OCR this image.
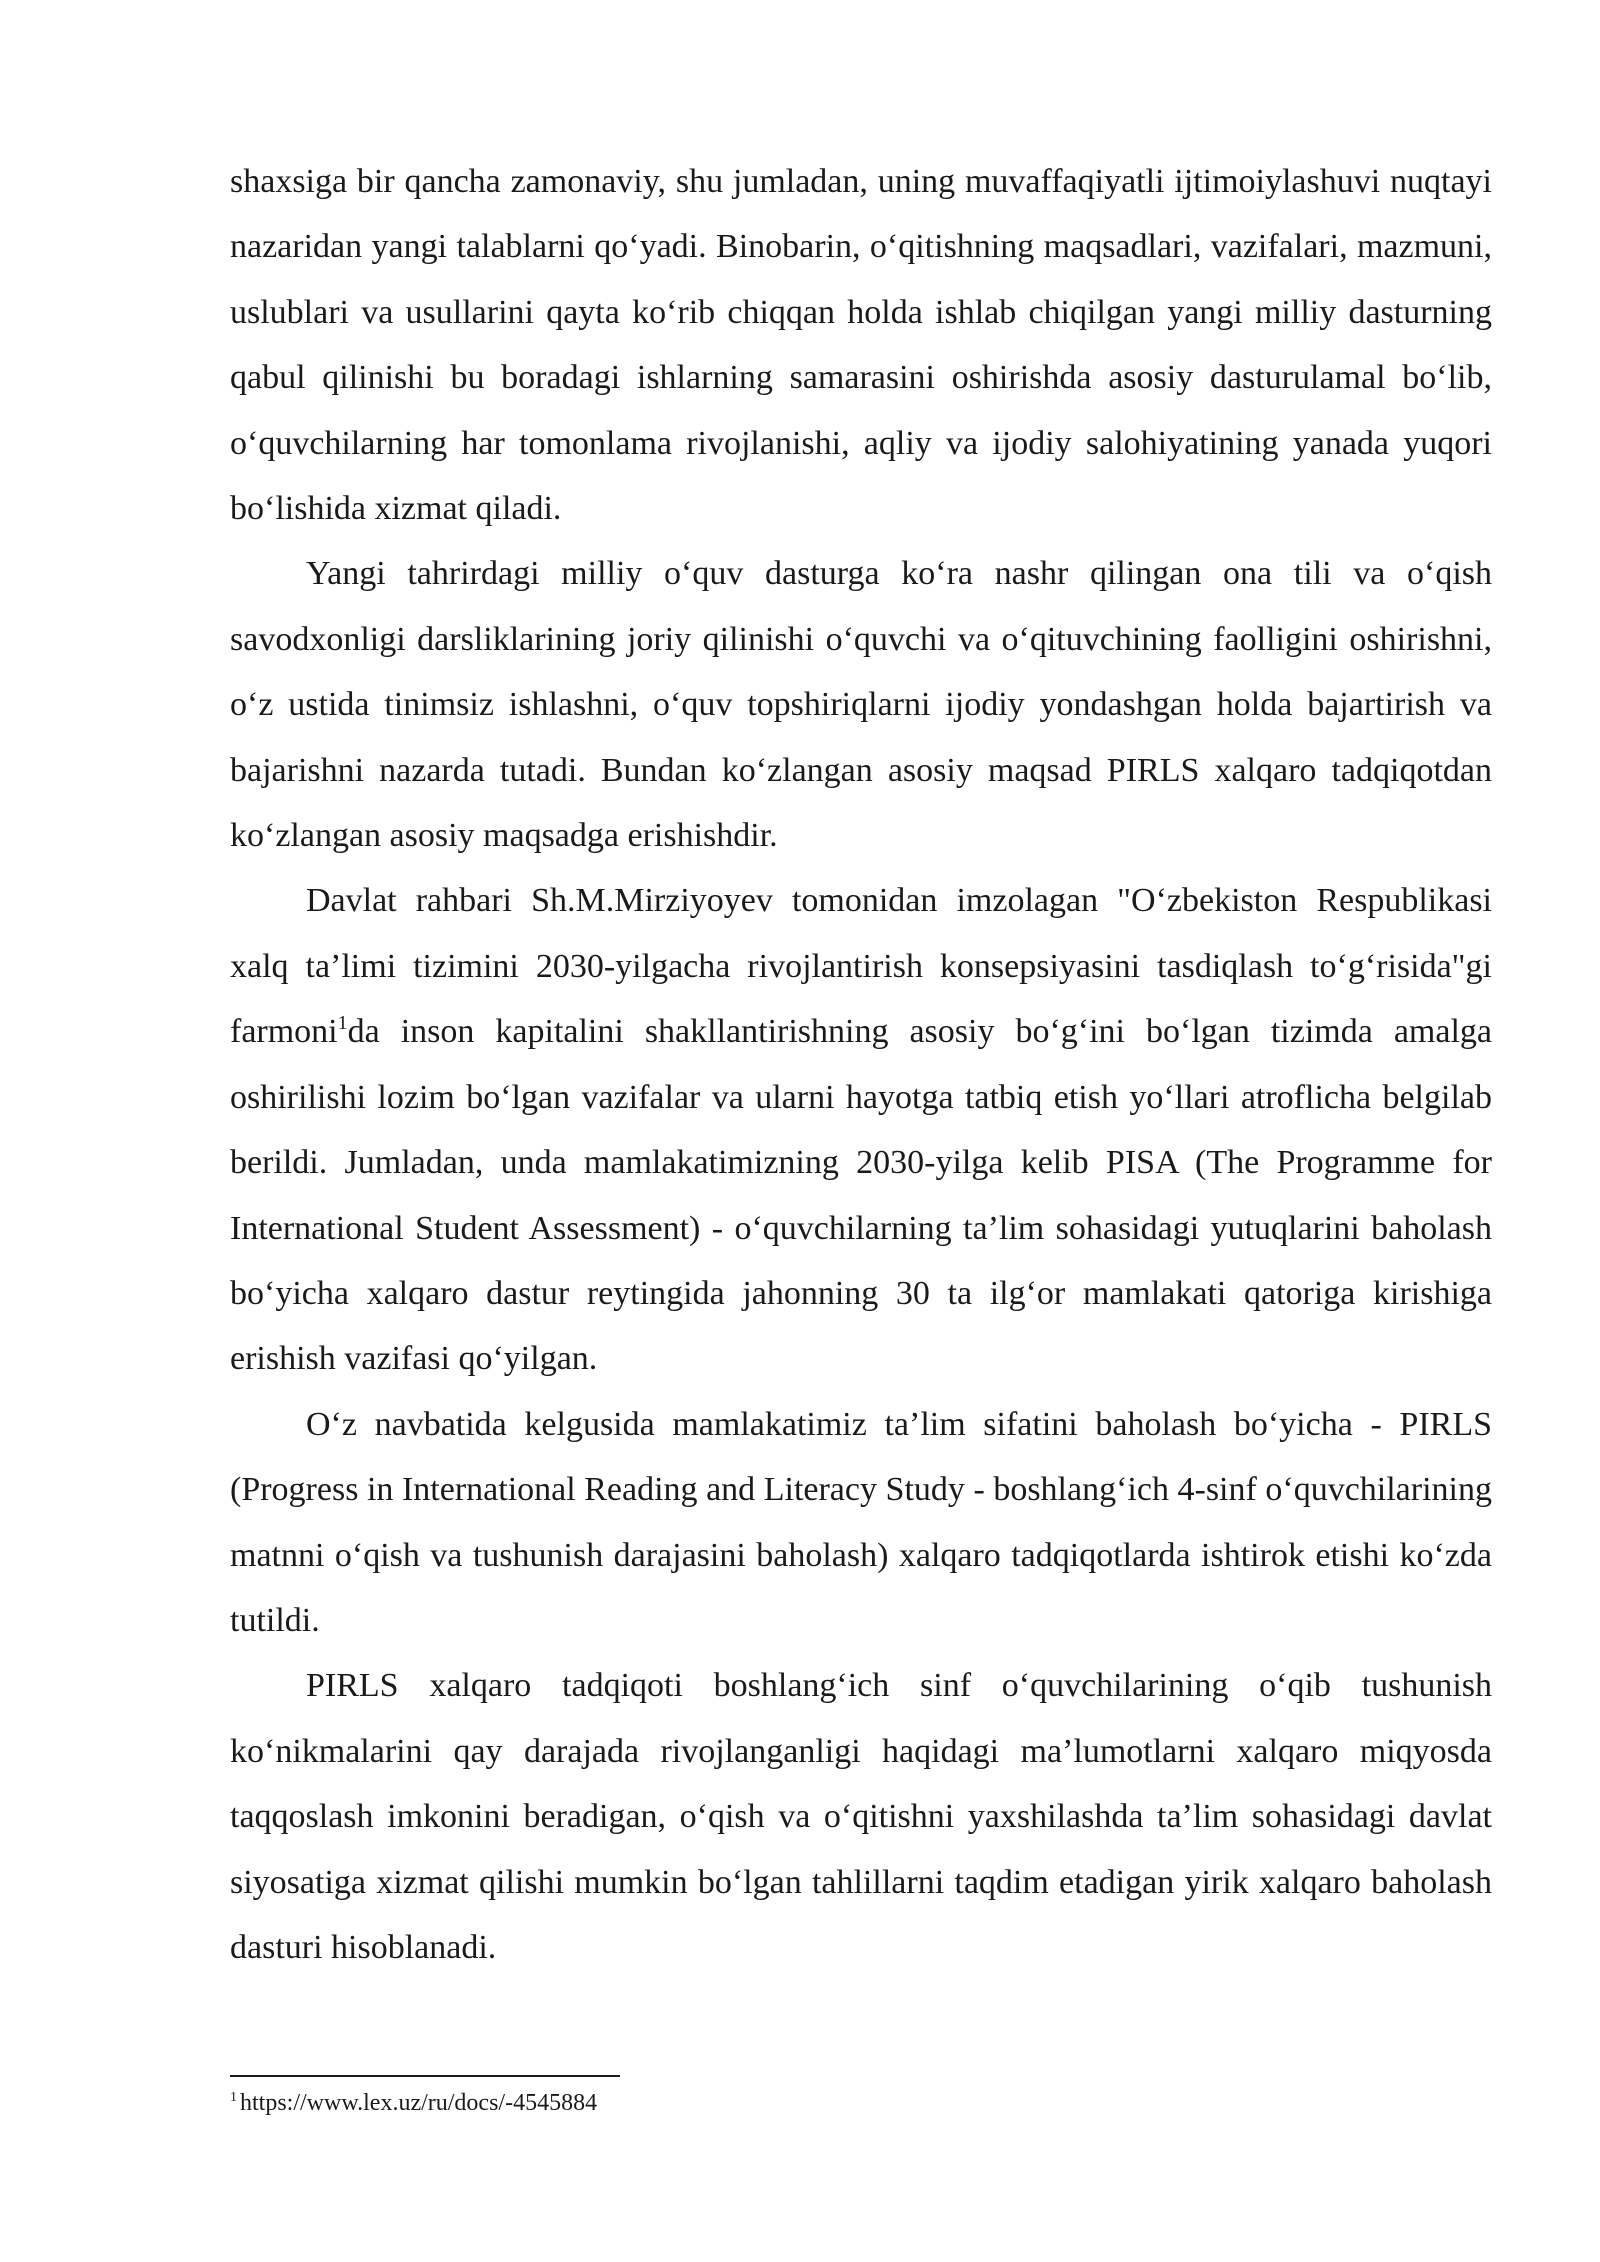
shaxsiga bir qancha zamonaviy, shu jumladan, uning muvaffaqiyatli ijtimoiylashuvi nuqtayi nazaridan yangi talablarni qo‘yadi. Binobarin, o‘qitishning maqsadlari, vazifalari, mazmuni, uslublari va usullarini qayta ko‘rib chiqqan holda ishlab chiqilgan yangi milliy dasturning qabul qilinishi bu boradagi ishlarning samarasini oshirishda asosiy dasturulamal bo‘lib, o‘quvchilarning har tomonlama rivojlanishi, aqliy va ijodiy salohiyatining yanada yuqori bo‘lishida xizmat qiladi.

Yangi tahrirdagi milliy o‘quv dasturga ko‘ra nashr qilingan ona tili va o‘qish savodxonligi darsliklarining joriy qilinishi o‘quvchi va o‘qituvchining faolligini oshirishni, o‘z ustida tinimsiz ishlashni, o‘quv topshiriqlarni ijodiy yondashgan holda bajartirish va bajarishni nazarda tutadi. Bundan ko‘zlangan asosiy maqsad PIRLS xalqaro tadqiqotdan ko‘zlangan asosiy maqsadga erishishdir.

Davlat rahbari Sh.M.Mirziyoyev tomonidan imzolagan "O‘zbekiston Respublikasi xalq ta’limi tizimini 2030-yilgacha rivojlantirish konsepsiyasini tasdiqlash to‘g‘risida"gi farmoni$^1$da inson kapitalini shakllantirishning asosiy bo‘g‘ini bo‘lgan tizimda amalga oshirilishi lozim bo‘lgan vazifalar va ularni hayotga tatbiq etish yo‘llari atroflicha belgilab berildi. Jumladan, unda mamlakatimizning 2030-yilga kelib PISA (The Programme for International Student Assessment) - o‘quvchilarning ta’lim sohasidagi yutuqlarini baholash bo‘yicha xalqaro dastur reytingida jahonning 30 ta ilg‘or mamlakati qatoriga kirishiga erishish vazifasi qo‘yilgan.

O‘z navbatida kelgusida mamlakatimiz ta’lim sifatini baholash bo‘yicha - PIRLS (Progress in International Reading and Literacy Study - boshlang‘ich 4-sinf o‘quvchilarining matnni o‘qish va tushunish darajasini baholash) xalqaro tadqiqotlarda ishtirok etishi ko‘zda tutildi.

PIRLS xalqaro tadqiqoti boshlang‘ich sinf o‘quvchilarining o‘qib tushunish ko‘nikmalarini qay darajada rivojlanganligi haqidagi ma’lumotlarni xalqaro miqyosda taqqoslash imkonini beradigan, o‘qish va o‘qitishni yaxshilashda ta’lim sohasidagi davlat siyosatiga xizmat qilishi mumkin bo‘lgan tahlillarni taqdim etadigan yirik xalqaro baholash dasturi hisoblanadi.

$^1$ https://www.lex.uz/ru/docs/-4545884
